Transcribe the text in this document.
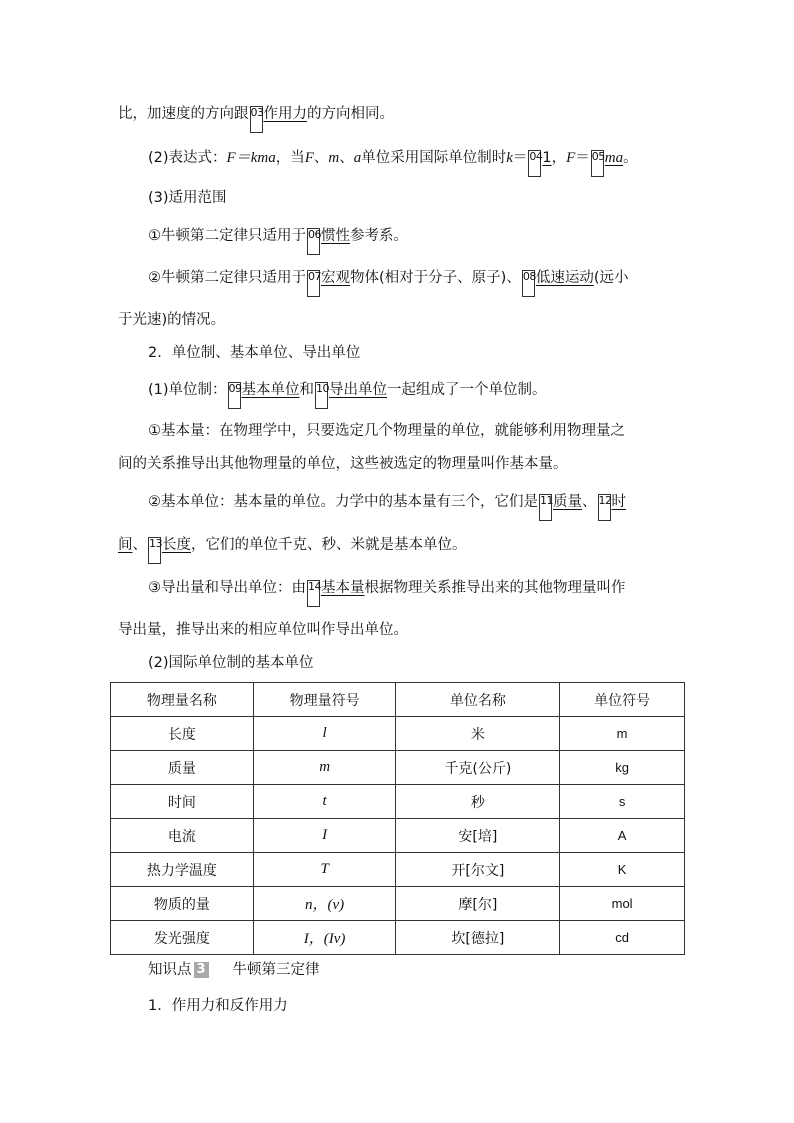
比，加速度的方向跟 03作用力的方向相同。
(2)表达式：F＝kma，当F、m、a单位采用国际单位制时k＝ 041，F＝ 05ma。
(3)适用范围
①牛顿第二定律只适用于 06惯性参考系。
②牛顿第二定律只适用于 07宏观物体(相对于分子、原子)、 08低速运动(远小
于光速)的情况。
2．单位制、基本单位、导出单位
(1)单位制： 09基本单位和 10导出单位一起组成了一个单位制。
①基本量：在物理学中，只要选定几个物理量的单位，就能够利用物理量之
间的关系推导出其他物理量的单位，这些被选定的物理量叫作基本量。
②基本单位：基本量的单位。力学中的基本量有三个，它们是 11质量、 12时
间、 13长度，它们的单位千克、秒、米就是基本单位。
③导出量和导出单位：由 14基本量根据物理关系推导出来的其他物理量叫作
导出量，推导出来的相应单位叫作导出单位。
(2)国际单位制的基本单位
物理量名称	物理量符号	单位名称	单位符号
长度	l	米	m
质量	m	千克(公斤)	kg
时间	t	秒	s
电流	I	安[培]	A
热力学温度	T	开[尔文]	K
物质的量	n，(ν)	摩[尔]	mol
发光强度	I，(Iv)	坎[德拉]	cd
知识点 3 牛顿第三定律
1．作用力和反作用力
